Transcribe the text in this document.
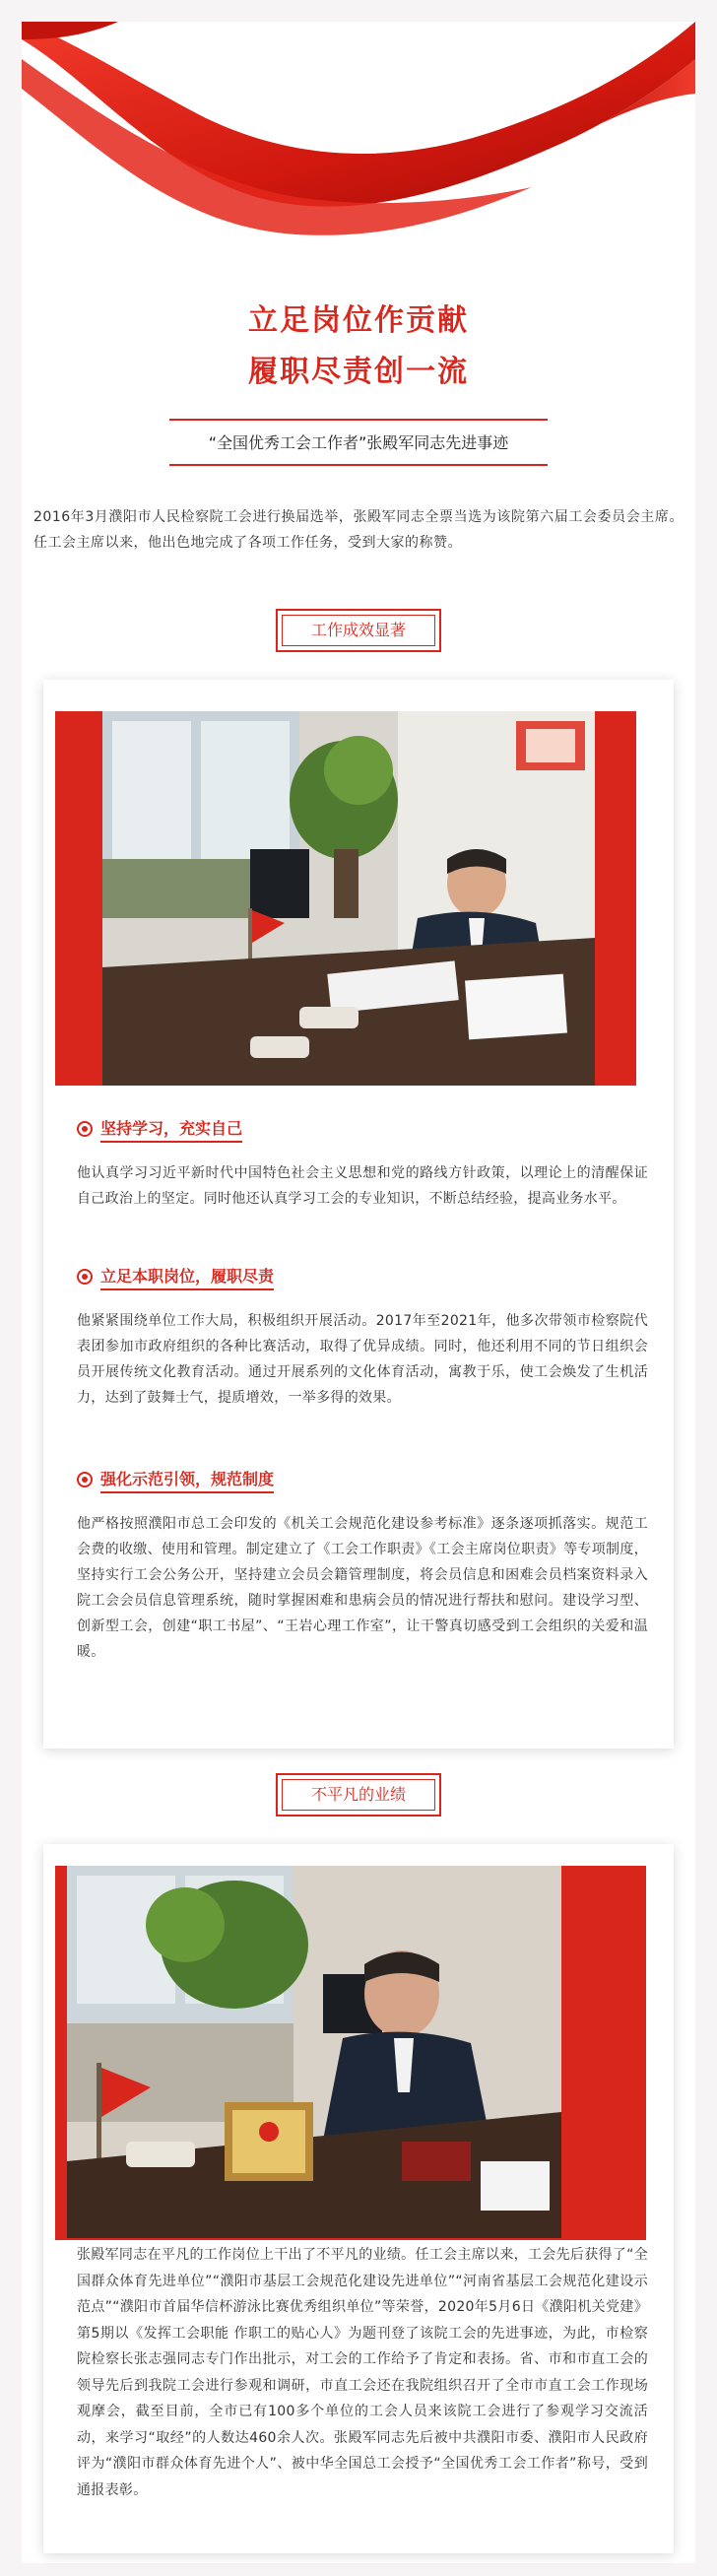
立足岗位作贡献
履职尽责创一流
“全国优秀工会工作者”张殿军同志先进事迹
2016年3月濮阳市人民检察院工会进行换届选举，张殿军同志全票当选为该院第六届工会委员会主席。任工会主席以来，他出色地完成了各项工作任务，受到大家的称赞。
工作成效显著
坚持学习，充实自己
他认真学习习近平新时代中国特色社会主义思想和党的路线方针政策，以理论上的清醒保证自己政治上的坚定。同时他还认真学习工会的专业知识，不断总结经验，提高业务水平。
立足本职岗位，履职尽责
他紧紧围绕单位工作大局，积极组织开展活动。2017年至2021年，他多次带领市检察院代表团参加市政府组织的各种比赛活动，取得了优异成绩。同时，他还利用不同的节日组织会员开展传统文化教育活动。通过开展系列的文化体育活动，寓教于乐，使工会焕发了生机活力，达到了鼓舞士气，提质增效，一举多得的效果。
强化示范引领，规范制度
他严格按照濮阳市总工会印发的《机关工会规范化建设参考标准》逐条逐项抓落实。规范工会费的收缴、使用和管理。制定建立了《工会工作职责》《工会主席岗位职责》等专项制度，坚持实行工会公务公开，坚持建立会员会籍管理制度，将会员信息和困难会员档案资料录入院工会会员信息管理系统，随时掌握困难和患病会员的情况进行帮扶和慰问。建设学习型、创新型工会，创建“职工书屋”、“王岩心理工作室”，让干警真切感受到工会组织的关爱和温暖。
不平凡的业绩
张殿军同志在平凡的工作岗位上干出了不平凡的业绩。任工会主席以来，工会先后获得了“全国群众体育先进单位”“濮阳市基层工会规范化建设先进单位”“河南省基层工会规范化建设示范点”“濮阳市首届华信杯游泳比赛优秀组织单位”等荣誉，2020年5月6日《濮阳机关党建》第5期以《发挥工会职能 作职工的贴心人》为题刊登了该院工会的先进事迹，为此，市检察院检察长张志强同志专门作出批示，对工会的工作给予了肯定和表扬。省、市和市直工会的领导先后到我院工会进行参观和调研，市直工会还在我院组织召开了全市市直工会工作现场观摩会，截至目前，全市已有100多个单位的工会人员来该院工会进行了参观学习交流活动，来学习“取经”的人数达460余人次。张殿军同志先后被中共濮阳市委、濮阳市人民政府评为“濮阳市群众体育先进个人”、被中华全国总工会授予“全国优秀工会工作者”称号，受到通报表彰。
